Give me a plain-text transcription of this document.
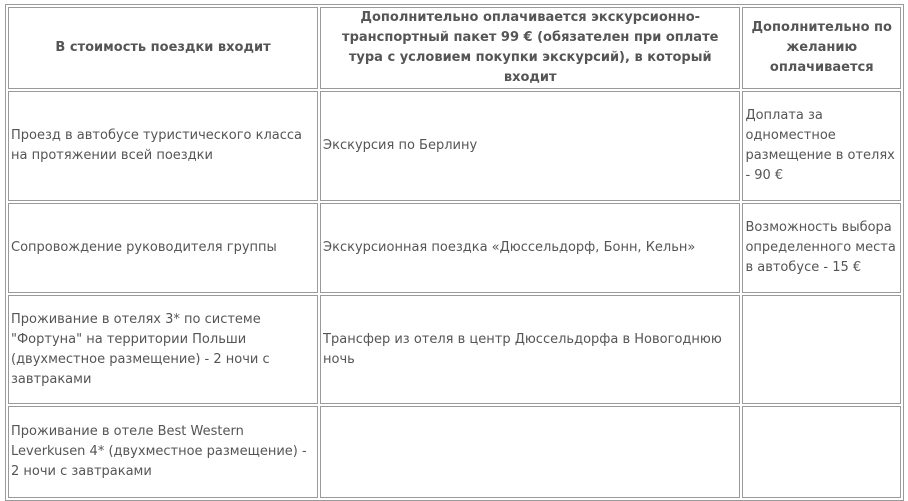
В стоимость поездки входит	Дополнительно оплачивается экскурсионно-транспортный пакет 99 € (обязателен при оплате тура с условием покупки экскурсий), в который входит	Дополнительно по желанию оплачивается
Проезд в автобусе туристического класса на протяжении всей поездки	Экскурсия по Берлину	Доплата за одноместное размещение в отелях - 90 €
Сопровождение руководителя группы	Экскурсионная поездка «Дюссельдорф, Бонн, Кельн»	Возможность выбора определенного места в автобусе - 15 €
Проживание в отелях 3* по системе "Фортуна" на территории Польши (двухместное размещение) - 2 ночи с завтраками	Трансфер из отеля в центр Дюссельдорфа в Новогоднюю ночь	
Проживание в отеле Best Western Leverkusen 4* (двухместное размещение) - 2 ночи с завтраками		
